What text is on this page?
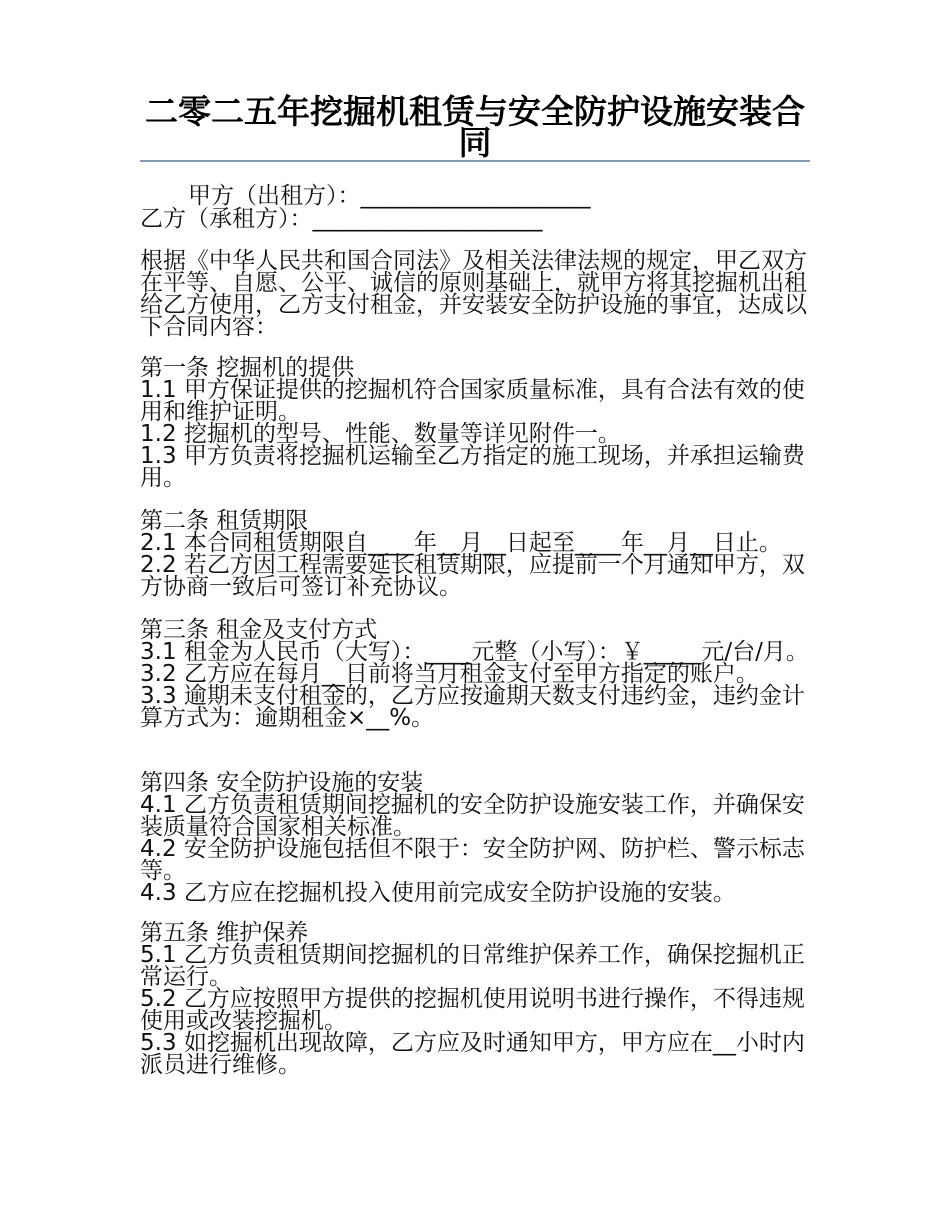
二零二五年挖掘机租赁与安全防护设施安装合同

甲方（出租方）：____________________

乙方（承租方）：____________________

根据《中华人民共和国合同法》及相关法律法规的规定，甲乙双方在平等、自愿、公平、诚信的原则基础上，就甲方将其挖掘机出租给乙方使用，乙方支付租金，并安装安全防护设施的事宜，达成以下合同内容：

第一条 挖掘机的提供

1.1 甲方保证提供的挖掘机符合国家质量标准，具有合法有效的使用和维护证明。

1.2 挖掘机的型号、性能、数量等详见附件一。

1.3 甲方负责将挖掘机运输至乙方指定的施工现场，并承担运输费用。

第二条 租赁期限

2.1 本合同租赁期限自____年__月__日起至____年__月__日止。

2.2 若乙方因工程需要延长租赁期限，应提前一个月通知甲方，双方协商一致后可签订补充协议。

第三条 租金及支付方式

3.1 租金为人民币（大写）：____元整（小写）：￥_____元/台/月。

3.2 乙方应在每月__日前将当月租金支付至甲方指定的账户。

3.3 逾期未支付租金的，乙方应按逾期天数支付违约金，违约金计算方式为：逾期租金×__%。

第四条 安全防护设施的安装

4.1 乙方负责租赁期间挖掘机的安全防护设施安装工作，并确保安装质量符合国家相关标准。

4.2 安全防护设施包括但不限于：安全防护网、防护栏、警示标志等。

4.3 乙方应在挖掘机投入使用前完成安全防护设施的安装。

第五条 维护保养

5.1 乙方负责租赁期间挖掘机的日常维护保养工作，确保挖掘机正常运行。

5.2 乙方应按照甲方提供的挖掘机使用说明书进行操作，不得违规使用或改装挖掘机。

5.3 如挖掘机出现故障，乙方应及时通知甲方，甲方应在__小时内派员进行维修。
